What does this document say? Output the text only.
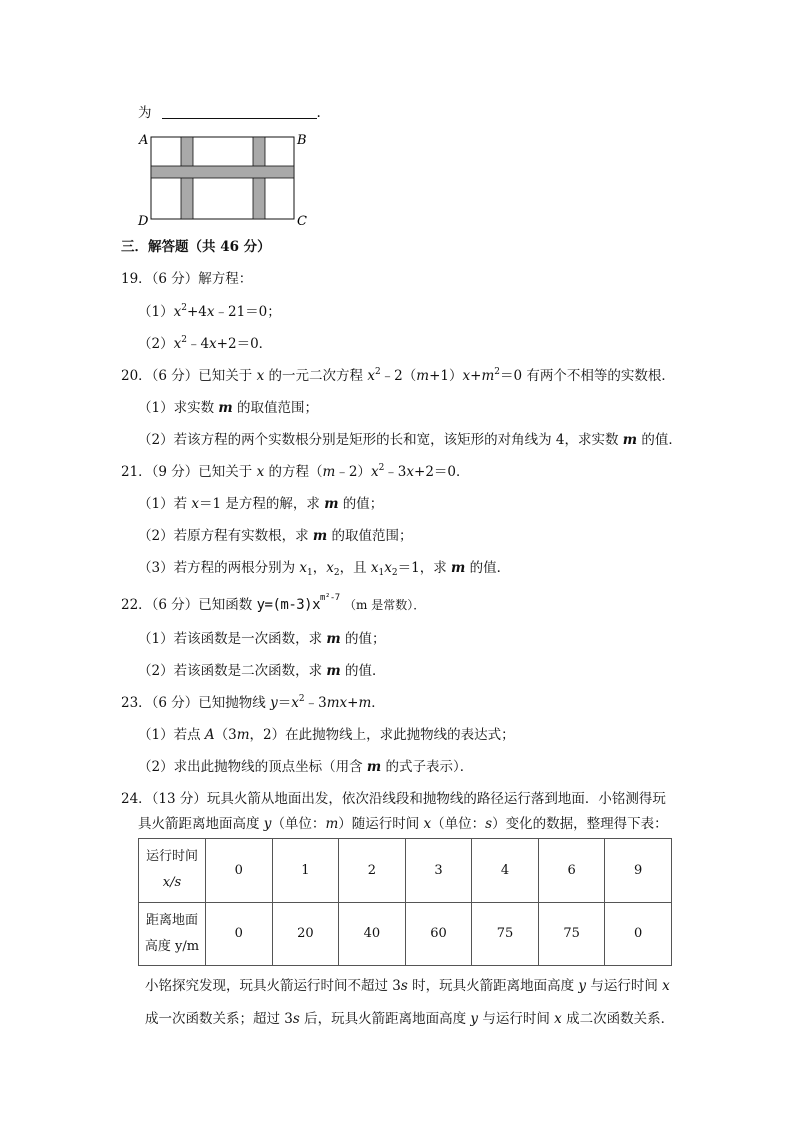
为	.
A	B
C
D
三．解答题（共 46 分）
19．（6 分）解方程：
$(1)x^2+4x﹣21=0$；
$(2)x^2﹣4x+2=0$．
20．（6 分）已知关于 x 的一元二次方程 $x^2﹣2(m+1)x+m^2=0$ 有两个不相等的实数根．
（1）求实数 m 的取值范围；
（2）若该方程的两个实数根分别是矩形的长和宽，该矩形的对角线为 4，求实数 m 的值．
21．（9 分）已知关于 x 的方程$(m﹣2)x^2﹣3x+2=0$．
（1）若 x＝1 是方程的解，求 m 的值；
（2）若原方程有实数根，求 m 的取值范围；
（3）若方程的两根分别为 $x_1$，$x_2$，且 $x_1x_2=1$，求 m 的值．
22．（6 分）已知函数 $y=(m-3)x^{m^2-7}$ （m 是常数）．
（1）若该函数是一次函数，求 m 的值；
（2）若该函数是二次函数，求 m 的值．
23．（6 分）已知抛物线 $y=x^2﹣3mx+m$．
（1）若点 A（3m，2）在此抛物线上，求此抛物线的表达式；
（2）求出此抛物线的顶点坐标（用含 m 的式子表示）．
24．（13 分）玩具火箭从地面出发，依次沿线段和抛物线的路径运行落到地面．小铭测得玩
具火箭距离地面高度 y（单位：m）随运行时间 x（单位：s）变化的数据，整理得下表：
运行时间
x/s	0	1	2	3	4	6	9
距离地面
高度 y/m	0	20	40	60	75	75	0
小铭探究发现，玩具火箭运行时间不超过 3s 时，玩具火箭距离地面高度 y 与运行时间 x
成一次函数关系；超过 3s 后，玩具火箭距离地面高度 y 与运行时间 x 成二次函数关系．
